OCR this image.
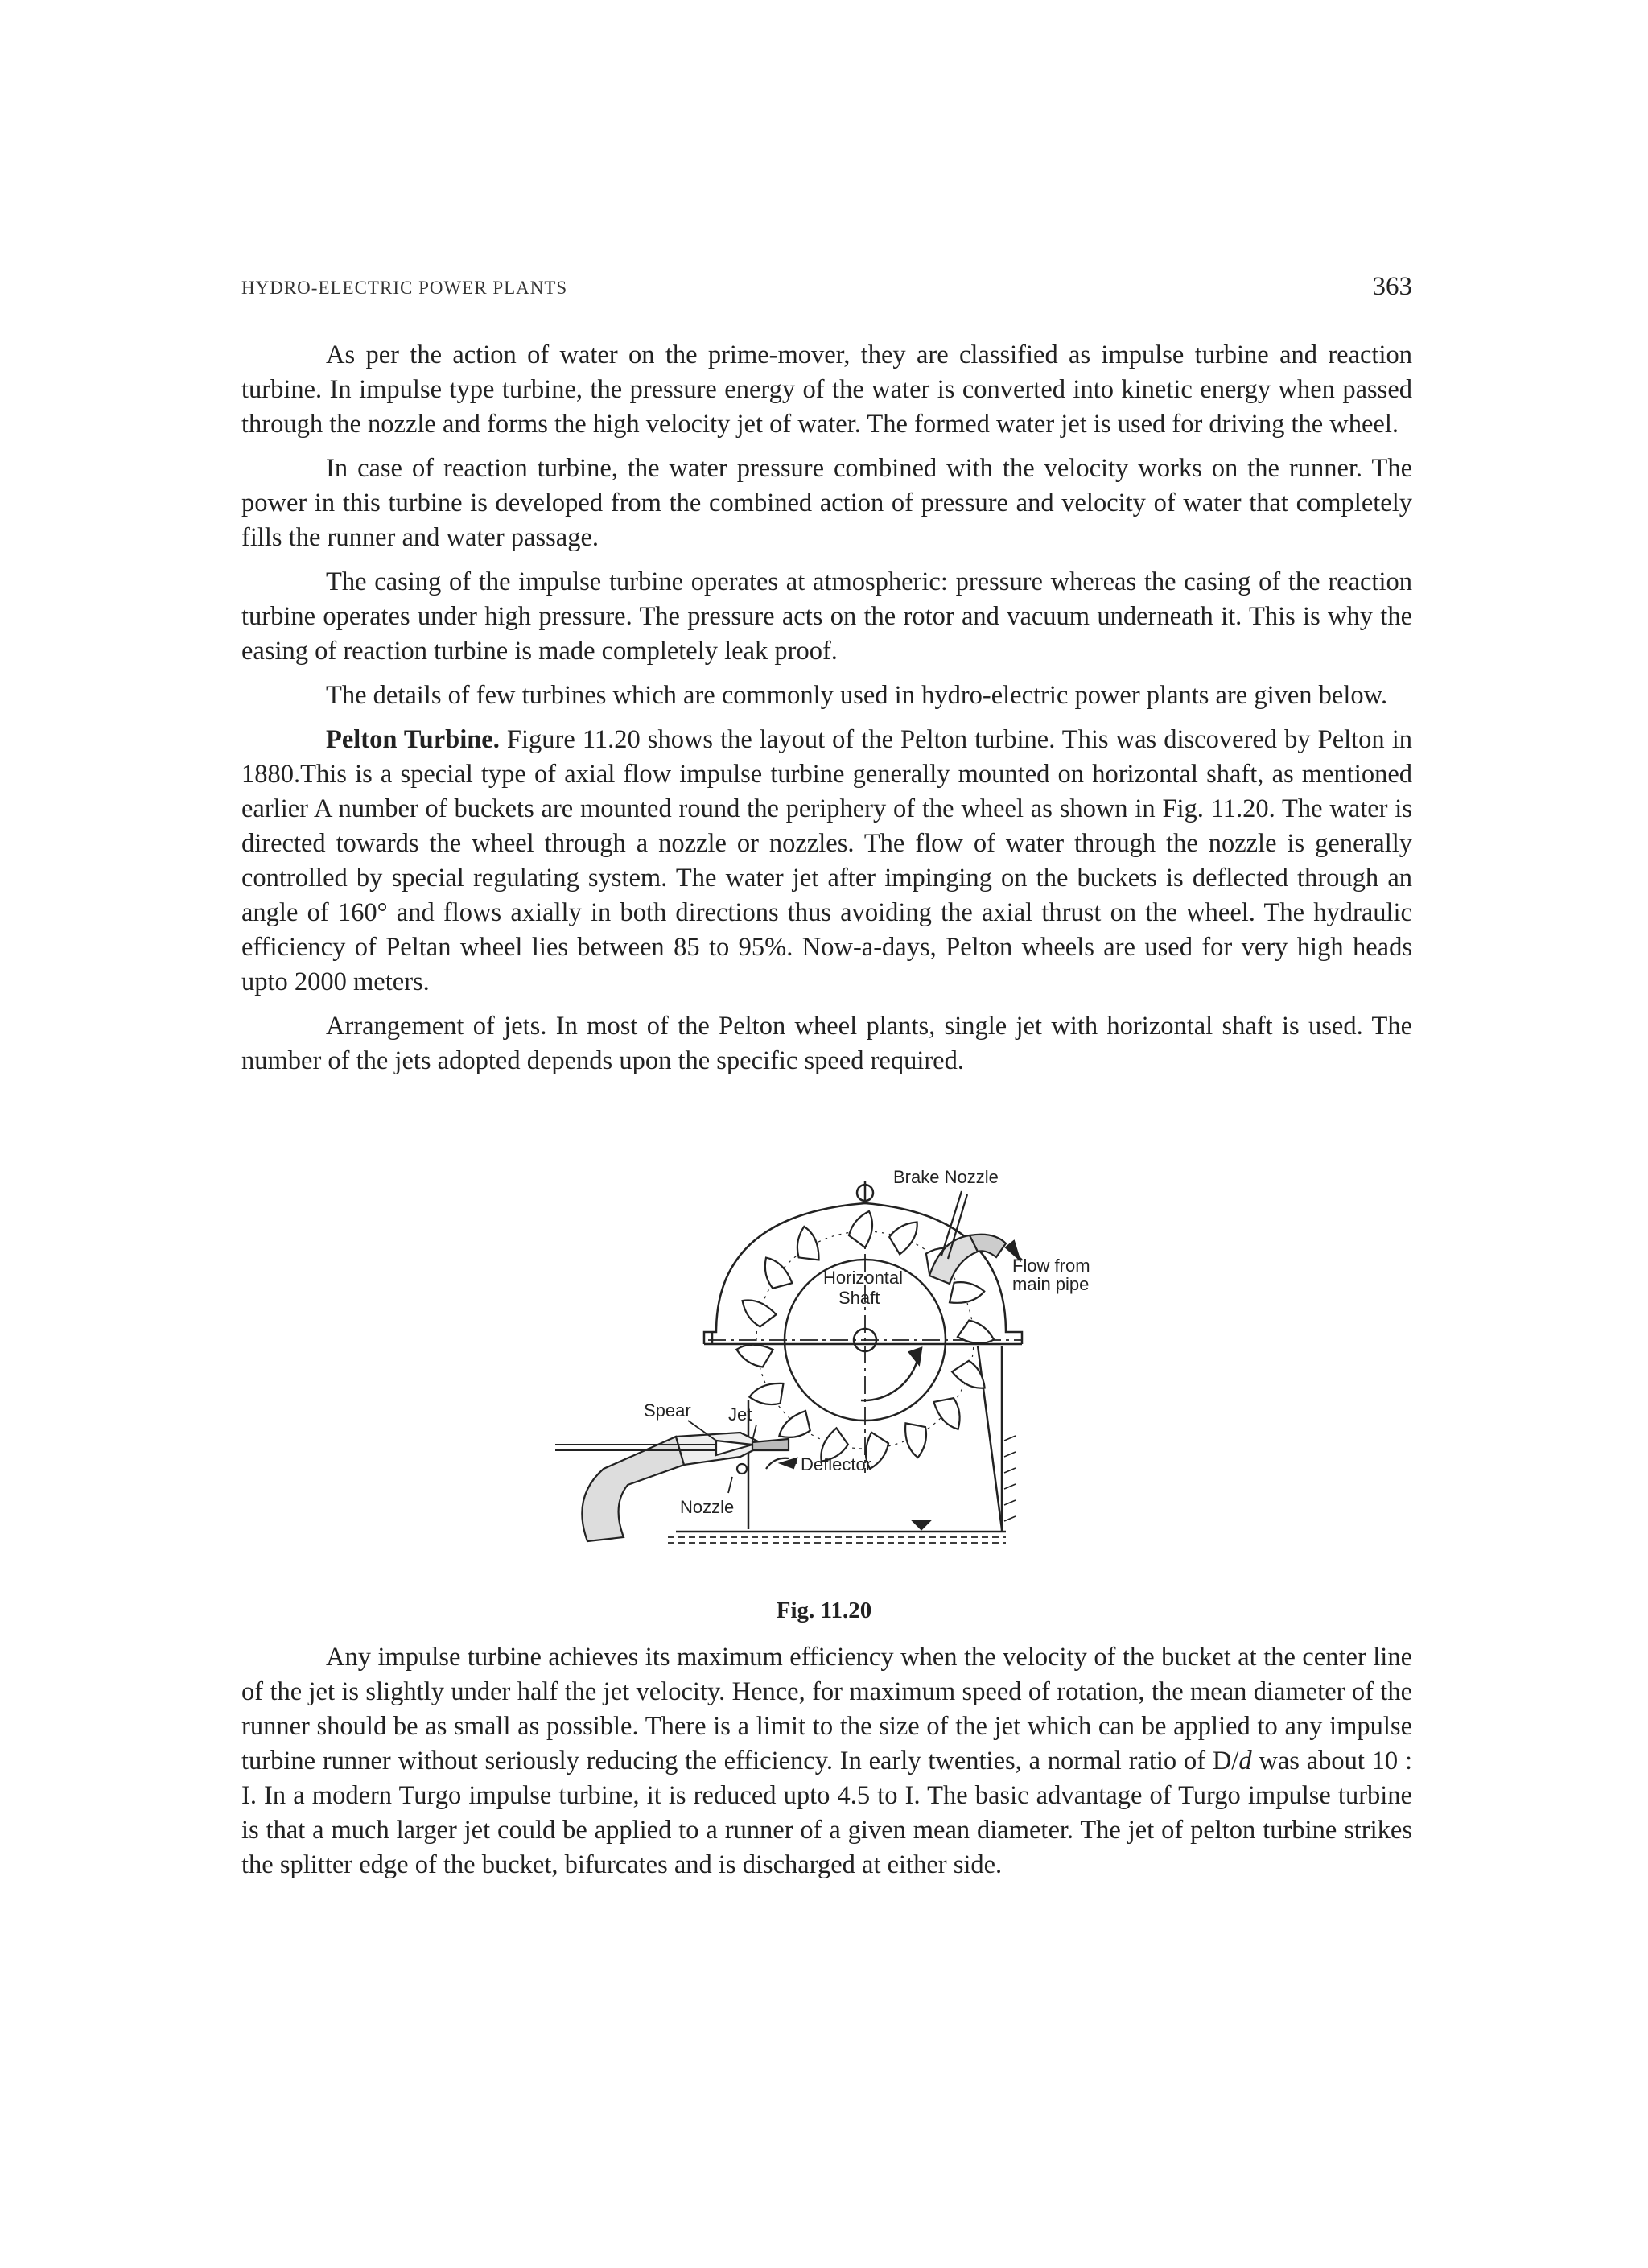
HYDRO-ELECTRIC POWER PLANTS	363

As per the action of water on the prime-mover, they are classified as impulse turbine and reaction turbine. In impulse type turbine, the pressure energy of the water is converted into kinetic energy when passed through the nozzle and forms the high velocity jet of water. The formed water jet is used for driving the wheel.

In case of reaction turbine, the water pressure combined with the velocity works on the runner. The power in this turbine is developed from the combined action of pressure and velocity of water that completely fills the runner and water passage.

The casing of the impulse turbine operates at atmospheric: pressure whereas the casing of the reaction turbine operates under high pressure. The pressure acts on the rotor and vacuum underneath it. This is why the easing of reaction turbine is made completely leak proof.

The details of few turbines which are commonly used in hydro-electric power plants are given below.

Pelton Turbine. Figure 11.20 shows the layout of the Pelton turbine. This was discovered by Pelton in 1880.This is a special type of axial flow impulse turbine generally mounted on horizontal shaft, as mentioned earlier A number of buckets are mounted round the periphery of the wheel as shown in Fig. 11.20. The water is directed towards the wheel through a nozzle or nozzles. The flow of water through the nozzle is generally controlled by special regulating system. The water jet after impinging on the buckets is deflected through an angle of 160° and flows axially in both directions thus avoiding the axial thrust on the wheel. The hydraulic efficiency of Peltan wheel lies between 85 to 95%. Now-a-days, Pelton wheels are used for very high heads upto 2000 meters.

Arrangement of jets. In most of the Pelton wheel plants, single jet with horizontal shaft is used. The number of the jets adopted depends upon the specific speed required.

Brake Nozzle
Flow from
main pipe
Horizontal
Shaft
Spear Jet
Deflector
Nozzle
Fig. 11.20

Any impulse turbine achieves its maximum efficiency when the velocity of the bucket at the center line of the jet is slightly under half the jet velocity. Hence, for maximum speed of rotation, the mean diameter of the runner should be as small as possible. There is a limit to the size of the jet which can be applied to any impulse turbine runner without seriously reducing the efficiency. In early twenties, a normal ratio of D/d was about 10 : I. In a modern Turgo impulse turbine, it is reduced upto 4.5 to I. The basic advantage of Turgo impulse turbine is that a much larger jet could be applied to a runner of a given mean diameter. The jet of pelton turbine strikes the splitter edge of the bucket, bifurcates and is discharged at either side.
